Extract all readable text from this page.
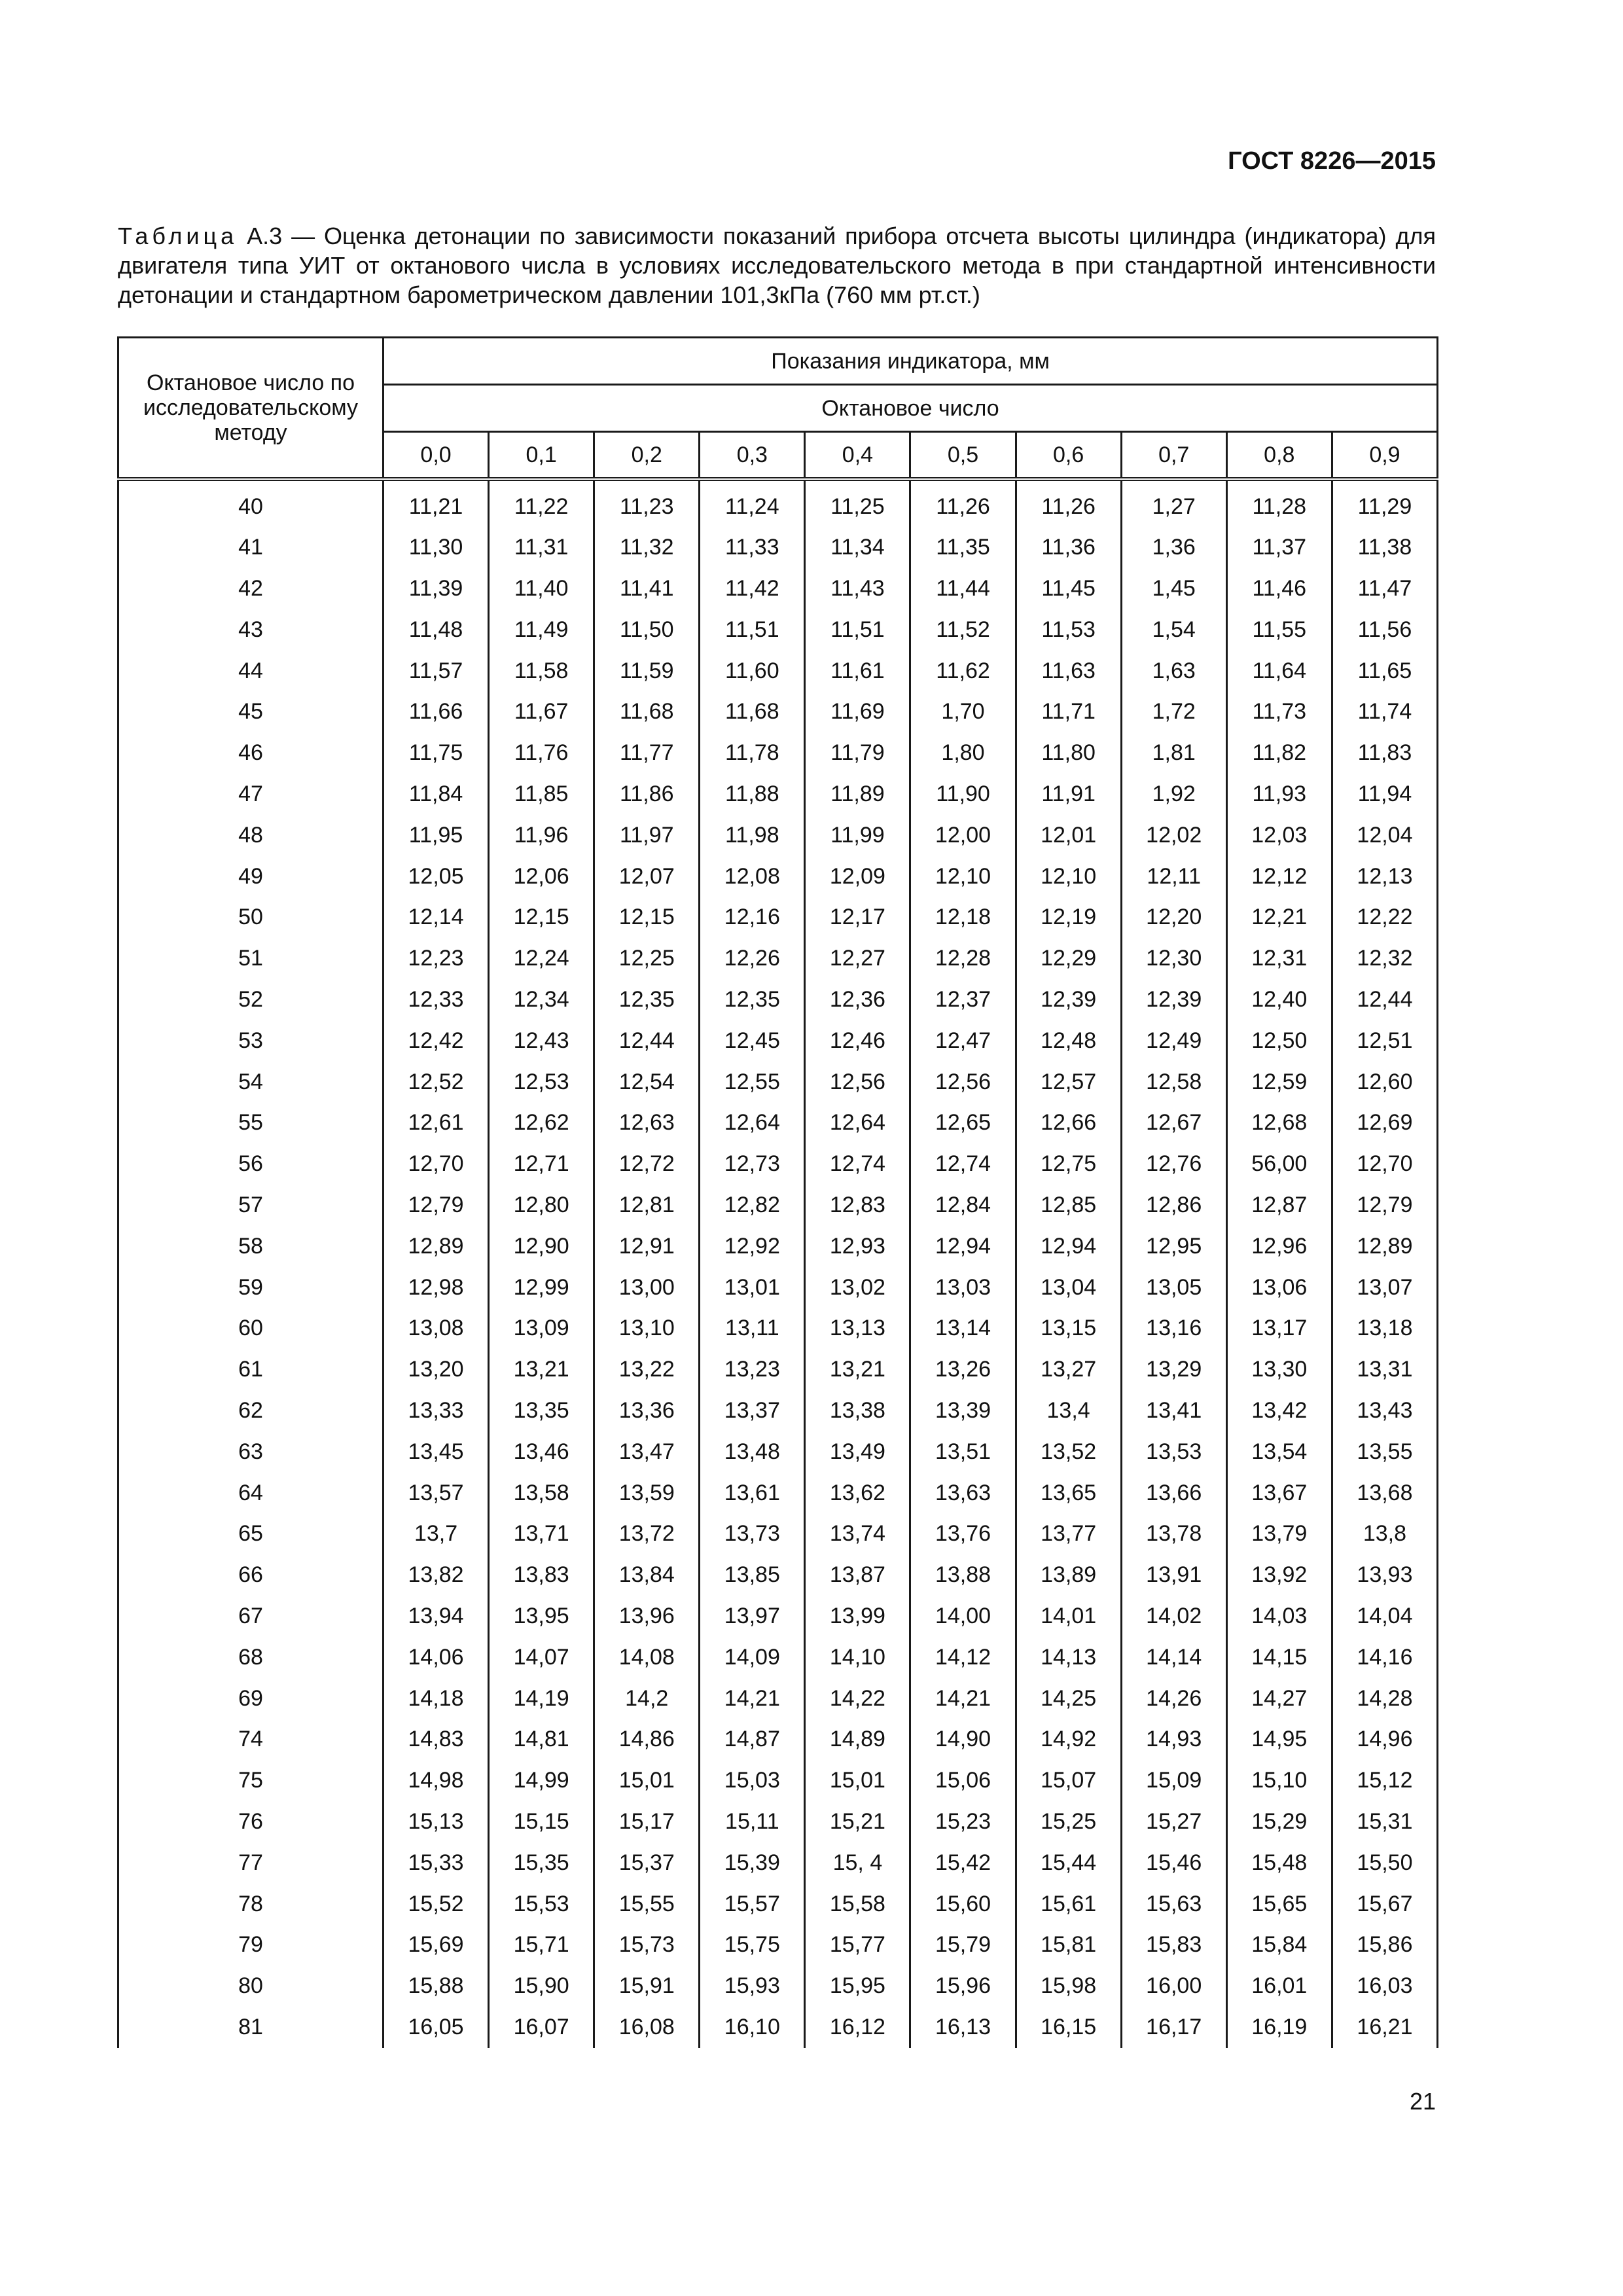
ГОСТ 8226—2015
Таблица А.3 — Оценка детонации по зависимости показаний прибора отсчета высоты цилиндра (индикатора) для двигателя типа УИТ от октанового числа в условиях исследовательского метода в при стандартной интенсивности детонации и стандартном барометрическом давлении 101,3кПа (760 мм рт.ст.)
Октановое число по исследовательскому методу	Показания индикатора, мм									
	Октановое число									
	0,0	0,1	0,2	0,3	0,4	0,5	0,6	0,7	0,8	0,9
40	11,21	11,22	11,23	11,24	11,25	11,26	11,26	1,27	11,28	11,29
41	11,30	11,31	11,32	11,33	11,34	11,35	11,36	1,36	11,37	11,38
42	11,39	11,40	11,41	11,42	11,43	11,44	11,45	1,45	11,46	11,47
43	11,48	11,49	11,50	11,51	11,51	11,52	11,53	1,54	11,55	11,56
44	11,57	11,58	11,59	11,60	11,61	11,62	11,63	1,63	11,64	11,65
45	11,66	11,67	11,68	11,68	11,69	1,70	11,71	1,72	11,73	11,74
46	11,75	11,76	11,77	11,78	11,79	1,80	11,80	1,81	11,82	11,83
47	11,84	11,85	11,86	11,88	11,89	11,90	11,91	1,92	11,93	11,94
48	11,95	11,96	11,97	11,98	11,99	12,00	12,01	12,02	12,03	12,04
49	12,05	12,06	12,07	12,08	12,09	12,10	12,10	12,11	12,12	12,13
50	12,14	12,15	12,15	12,16	12,17	12,18	12,19	12,20	12,21	12,22
51	12,23	12,24	12,25	12,26	12,27	12,28	12,29	12,30	12,31	12,32
52	12,33	12,34	12,35	12,35	12,36	12,37	12,39	12,39	12,40	12,44
53	12,42	12,43	12,44	12,45	12,46	12,47	12,48	12,49	12,50	12,51
54	12,52	12,53	12,54	12,55	12,56	12,56	12,57	12,58	12,59	12,60
55	12,61	12,62	12,63	12,64	12,64	12,65	12,66	12,67	12,68	12,69
56	12,70	12,71	12,72	12,73	12,74	12,74	12,75	12,76	56,00	12,70
57	12,79	12,80	12,81	12,82	12,83	12,84	12,85	12,86	12,87	12,79
58	12,89	12,90	12,91	12,92	12,93	12,94	12,94	12,95	12,96	12,89
59	12,98	12,99	13,00	13,01	13,02	13,03	13,04	13,05	13,06	13,07
60	13,08	13,09	13,10	13,11	13,13	13,14	13,15	13,16	13,17	13,18
61	13,20	13,21	13,22	13,23	13,21	13,26	13,27	13,29	13,30	13,31
62	13,33	13,35	13,36	13,37	13,38	13,39	13,4	13,41	13,42	13,43
63	13,45	13,46	13,47	13,48	13,49	13,51	13,52	13,53	13,54	13,55
64	13,57	13,58	13,59	13,61	13,62	13,63	13,65	13,66	13,67	13,68
65	13,7	13,71	13,72	13,73	13,74	13,76	13,77	13,78	13,79	13,8
66	13,82	13,83	13,84	13,85	13,87	13,88	13,89	13,91	13,92	13,93
67	13,94	13,95	13,96	13,97	13,99	14,00	14,01	14,02	14,03	14,04
68	14,06	14,07	14,08	14,09	14,10	14,12	14,13	14,14	14,15	14,16
69	14,18	14,19	14,2	14,21	14,22	14,21	14,25	14,26	14,27	14,28
74	14,83	14,81	14,86	14,87	14,89	14,90	14,92	14,93	14,95	14,96
75	14,98	14,99	15,01	15,03	15,01	15,06	15,07	15,09	15,10	15,12
76	15,13	15,15	15,17	15,11	15,21	15,23	15,25	15,27	15,29	15,31
77	15,33	15,35	15,37	15,39	15, 4	15,42	15,44	15,46	15,48	15,50
78	15,52	15,53	15,55	15,57	15,58	15,60	15,61	15,63	15,65	15,67
79	15,69	15,71	15,73	15,75	15,77	15,79	15,81	15,83	15,84	15,86
80	15,88	15,90	15,91	15,93	15,95	15,96	15,98	16,00	16,01	16,03
81	16,05	16,07	16,08	16,10	16,12	16,13	16,15	16,17	16,19	16,21
21
